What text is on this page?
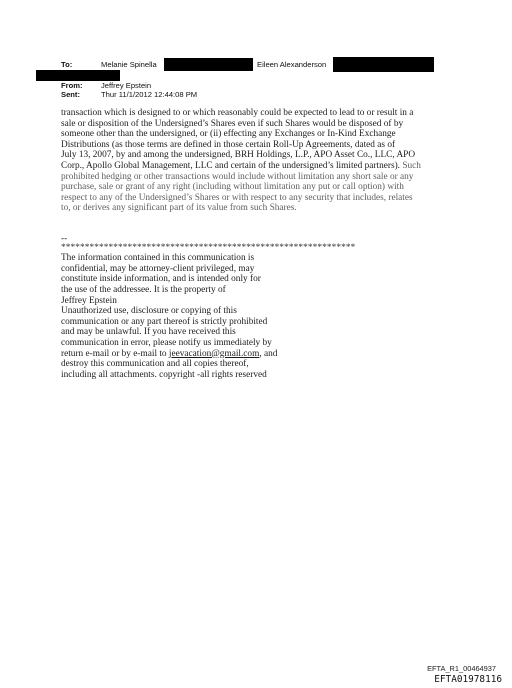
To:	Melanie Spinella	Eileen Alexanderson
From: Jeffrey Epstein
Sent:	Thur 11/1/2012 12:44:08 PM
transaction which is designed to or which reasonably could be expected to lead to or result in a
sale or disposition of the Undersigned’s Shares even if such Shares would be disposed of by
someone other than the undersigned, or (ii) effecting any Exchanges or In-Kind Exchange
Distributions (as those terms are defined in those certain Roll-Up Agreements, dated as of
July 13, 2007, by and among the undersigned, BRH Holdings, L.P., APO Asset Co., LLC, APO
Corp., Apollo Global Management, LLC and certain of the undersigned’s limited partners). Such
prohibited hedging or other transactions would include without limitation any short sale or any
purchase, sale or grant of any right (including without limitation any put or call option) with
respect to any of the Undersigned’s Shares or with respect to any security that includes, relates
to, or derives any significant part of its value from such Shares.
--
**************************************************************
The information contained in this communication is
confidential, may be attorney-client privileged, may
constitute inside information, and is intended only for
the use of the addressee. It is the property of
Jeffrey Epstein
Unauthorized use, disclosure or copying of this
communication or any part thereof is strictly prohibited
and may be unlawful. If you have received this
communication in error, please notify us immediately by
return e-mail or by e-mail to jeevacation@gmail.com, and
destroy this communication and all copies thereof,
including all attachments. copyright -all rights reserved
EFTA_R1_00464937
EFTA01978116
